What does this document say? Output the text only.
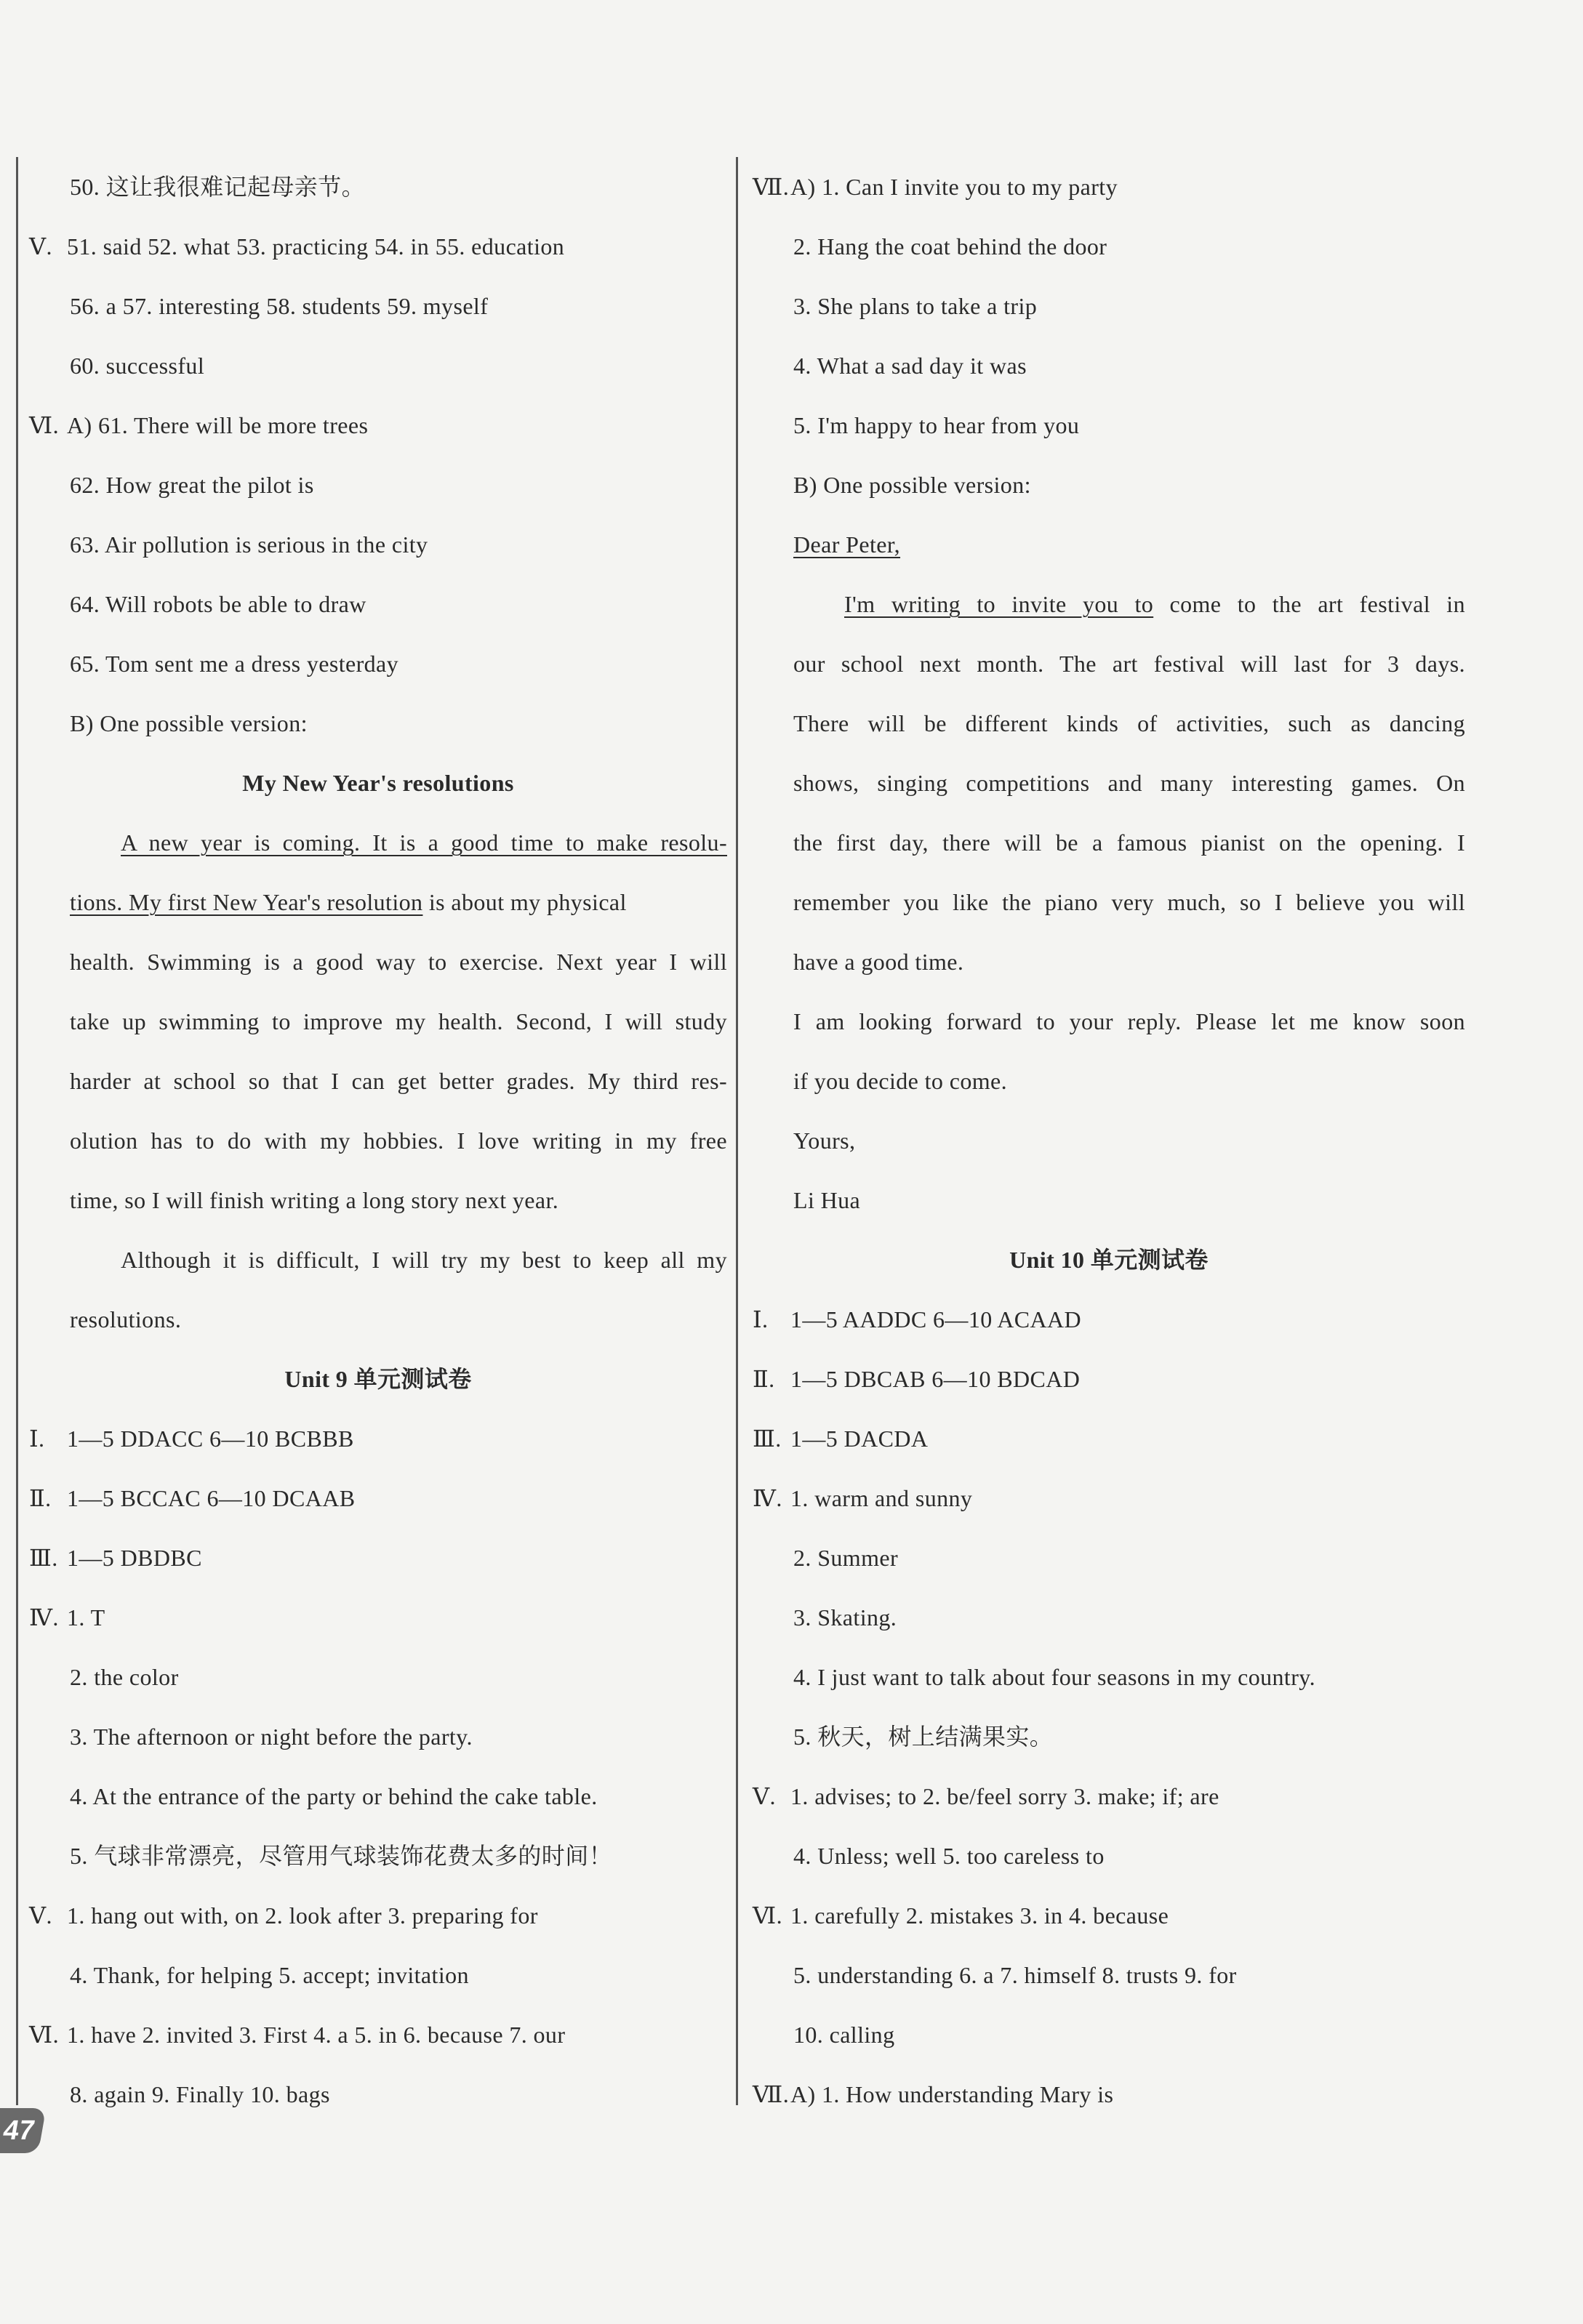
50. 这让我很难记起母亲节。
Ⅴ. 51. said 52. what 53. practicing 54. in 55. education
56. a 57. interesting 58. students 59. myself
60. successful
Ⅵ. A) 61. There will be more trees
62. How great the pilot is
63. Air pollution is serious in the city
64. Will robots be able to draw
65. Tom sent me a dress yesterday
B) One possible version:
My New Year's resolutions
A new year is coming. It is a good time to make resolu-
tions. My first New Year's resolution is about my physical
health. Swimming is a good way to exercise. Next year I will
take up swimming to improve my health. Second, I will study
harder at school so that I can get better grades. My third res-
olution has to do with my hobbies. I love writing in my free
time, so I will finish writing a long story next year.
Although it is difficult, I will try my best to keep all my
resolutions.
Unit 9 单元测试卷
Ⅰ. 1—5 DDACC 6—10 BCBBB
Ⅱ. 1—5 BCCAC 6—10 DCAAB
Ⅲ. 1—5 DBDBC
Ⅳ. 1. T
2. the color
3. The afternoon or night before the party.
4. At the entrance of the party or behind the cake table.
5. 气球非常漂亮，尽管用气球装饰花费太多的时间！
Ⅴ. 1. hang out with, on 2. look after 3. preparing for
4. Thank, for helping 5. accept; invitation
Ⅵ. 1. have 2. invited 3. First 4. a 5. in 6. because 7. our
8. again 9. Finally 10. bags
Ⅶ.A) 1. Can I invite you to my party
2. Hang the coat behind the door
3. She plans to take a trip
4. What a sad day it was
5. I'm happy to hear from you
B) One possible version:
Dear Peter,
I'm writing to invite you to come to the art festival in
our school next month. The art festival will last for 3 days.
There will be different kinds of activities, such as dancing
shows, singing competitions and many interesting games. On
the first day, there will be a famous pianist on the opening. I
remember you like the piano very much, so I believe you will
have a good time.
I am looking forward to your reply. Please let me know soon
if you decide to come.
Yours,
Li Hua
Unit 10 单元测试卷
Ⅰ. 1—5 AADDC 6—10 ACAAD
Ⅱ. 1—5 DBCAB 6—10 BDCAD
Ⅲ. 1—5 DACDA
Ⅳ. 1. warm and sunny
2. Summer
3. Skating.
4. I just want to talk about four seasons in my country.
5. 秋天，树上结满果实。
Ⅴ. 1. advises; to 2. be/feel sorry 3. make; if; are
4. Unless; well 5. too careless to
Ⅵ. 1. carefully 2. mistakes 3. in 4. because
5. understanding 6. a 7. himself 8. trusts 9. for
10. calling
Ⅶ.A) 1. How understanding Mary is
47
